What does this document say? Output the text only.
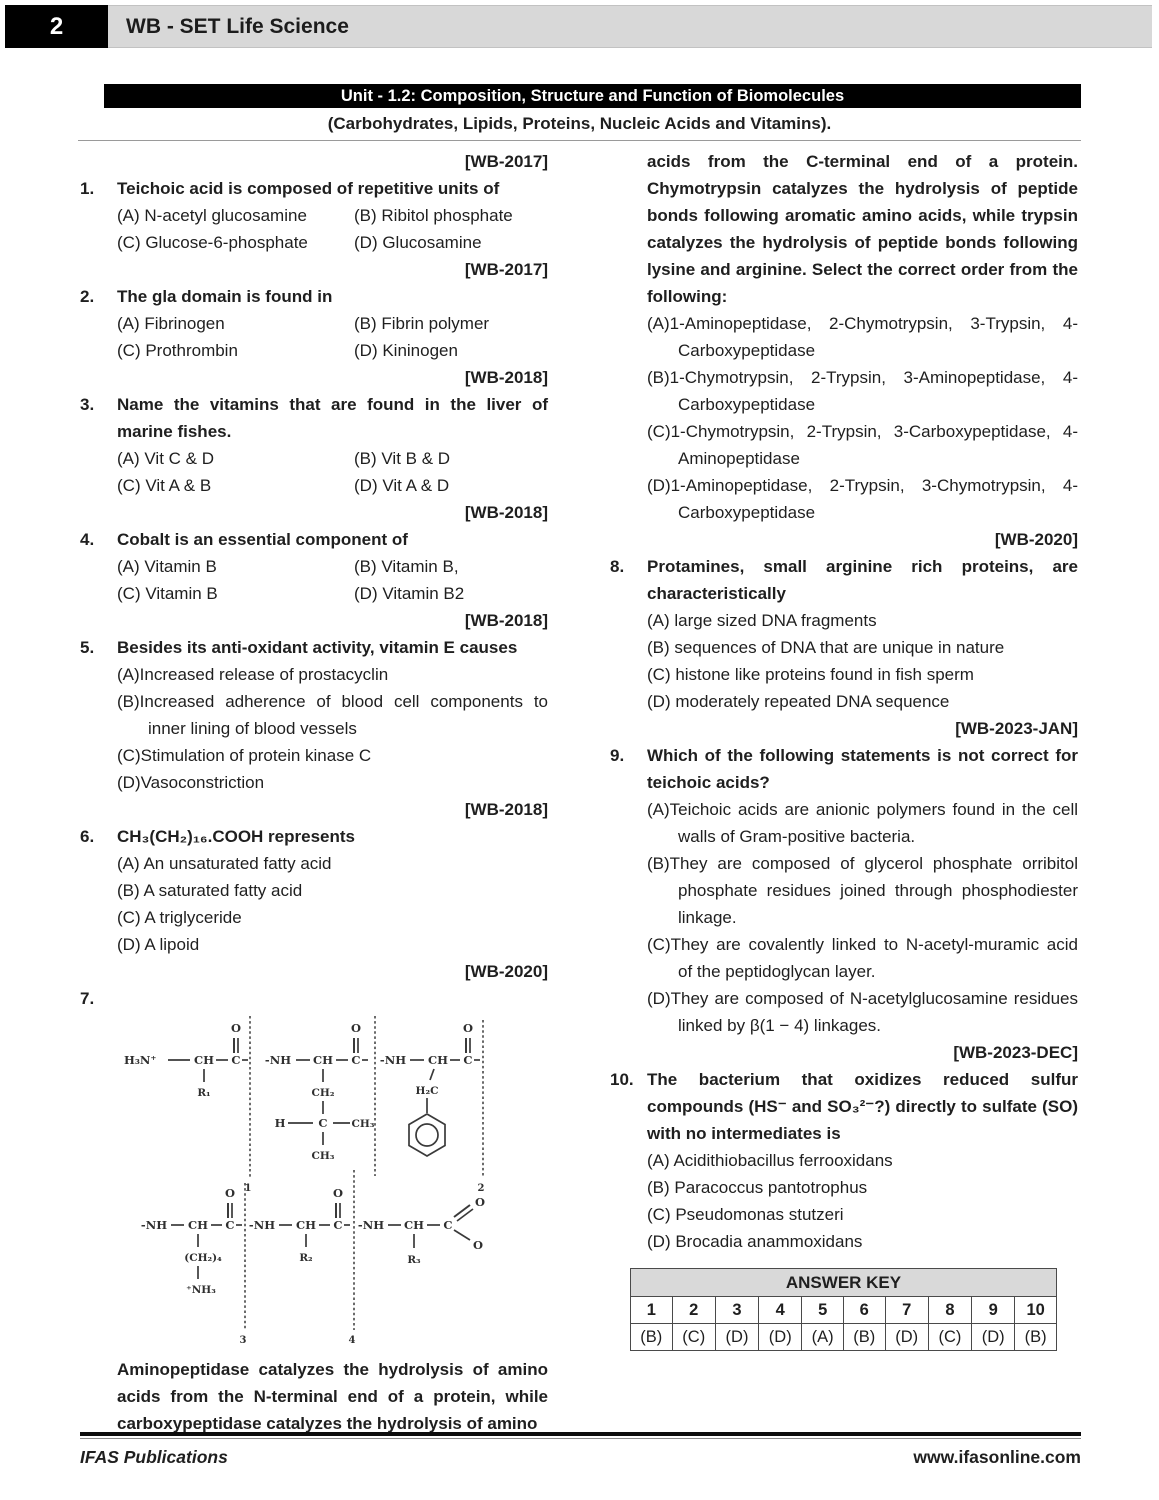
2	WB - SET Life Science
Unit - 1.2: Composition, Structure and Function of Biomolecules
(Carbohydrates, Lipids, Proteins, Nucleic Acids and Vitamins).
[WB-2017]
1.	Teichoic acid is composed of repetitive units of
(A) N-acetyl glucosamine	(B) Ribitol phosphate
(C) Glucose-6-phosphate	(D) Glucosamine
[WB-2017]
2.	The gla domain is found in
(A) Fibrinogen	(B) Fibrin polymer
(C) Prothrombin	(D) Kininogen
[WB-2018]
3.	Name the vitamins that are found in the liver of marine fishes.
(A) Vit C & D	(B) Vit B & D
(C) Vit A & B	(D) Vit A & D
[WB-2018]
4.	Cobalt is an essential component of
(A) Vitamin B	(B) Vitamin B,
(C) Vitamin B	(D) Vitamin B2
[WB-2018]
5.	Besides its anti-oxidant activity, vitamin E causes
(A)Increased release of prostacyclin
(B)Increased adherence of blood cell components to inner lining of blood vessels
(C)Stimulation of protein kinase C
(D)Vasoconstriction
[WB-2018]
6.	CH₃(CH₂)₁₆.COOH represents
(A) An unsaturated fatty acid
(B) A saturated fatty acid
(C) A triglyceride
(D) A lipoid
[WB-2020]
7.
H₃N⁺	CH C
O
R₁
1
-NH CH C
O
CH₂
C
H	CH₃
CH₃
-NH CH C
O
H₂C
2
-NH CH C
O
(CH₂)₄
⁺NH₃
3
-NH CH C
O
R₂
4
-NH CH C
O
O
R₃
Aminopeptidase catalyzes the hydrolysis of amino acids from the N-terminal end of a protein, while carboxypeptidase catalyzes the hydrolysis of amino
acids from the C-terminal end of a protein. Chymotrypsin catalyzes the hydrolysis of peptide bonds following aromatic amino acids, while trypsin catalyzes the hydrolysis of peptide bonds following lysine and arginine. Select the correct order from the following:
(A)1-Aminopeptidase, 2-Chymotrypsin, 3-Trypsin, 4-Carboxypeptidase
(B)1-Chymotrypsin, 2-Trypsin, 3-Aminopeptidase, 4-Carboxypeptidase
(C)1-Chymotrypsin, 2-Trypsin, 3-Carboxypeptidase, 4-Aminopeptidase
(D)1-Aminopeptidase, 2-Trypsin, 3-Chymotrypsin, 4-Carboxypeptidase
[WB-2020]
8.	Protamines, small arginine rich proteins, are characteristically
(A) large sized DNA fragments
(B) sequences of DNA that are unique in nature
(C) histone like proteins found in fish sperm
(D) moderately repeated DNA sequence
[WB-2023-JAN]
9.	Which of the following statements is not correct for teichoic acids?
(A)Teichoic acids are anionic polymers found in the cell walls of Gram-positive bacteria.
(B)They are composed of glycerol phosphate orribitol phosphate residues joined through phosphodiester linkage.
(C)They are covalently linked to N-acetyl-muramic acid of the peptidoglycan layer.
(D)They are composed of N-acetylglucosamine residues linked by β(1 − 4) linkages.
[WB-2023-DEC]
10. The bacterium that oxidizes reduced sulfur compounds (HS⁻ and SO₃²⁻?) directly to sulfate (SO) with no intermediates is
(A) Acidithiobacillus ferrooxidans
(B) Paracoccus pantotrophus
(C) Pseudomonas stutzeri
(D) Brocadia anammoxidans
ANSWER KEY									
1	2	3	4	5	6	7	8	9	10
(B)	(C)	(D)	(D)	(A)	(B)	(D)	(C)	(D)	(B)
IFAS Publications	www.ifasonline.com
